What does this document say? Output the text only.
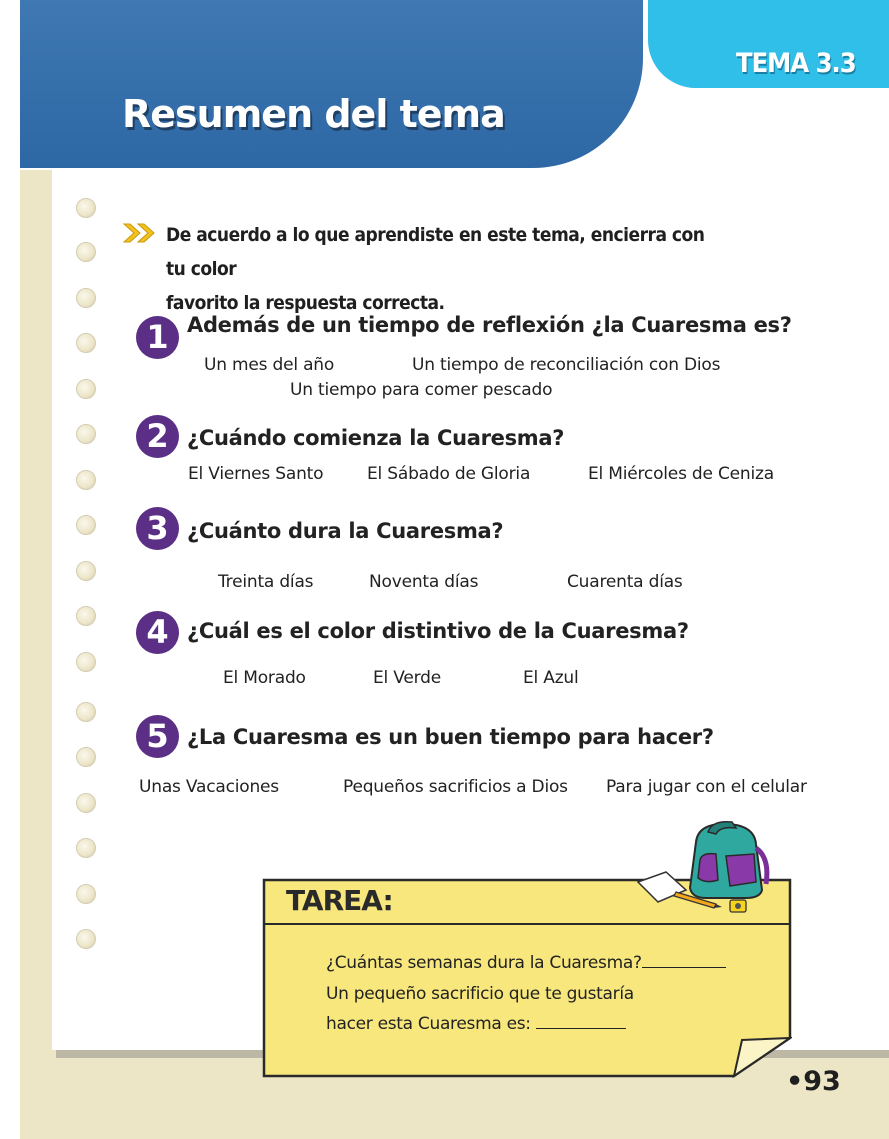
TEMA 3.3
Resumen del tema
De acuerdo a lo que aprendiste en este tema, encierra con tu color
favorito la respuesta correcta.
1 Además de un tiempo de reflexión ¿la Cuaresma es?
Un mes del año	Un tiempo de reconciliación con Dios
Un tiempo para comer pescado
2 ¿Cuándo comienza la Cuaresma?
El Viernes Santo	El Sábado de Gloria	El Miércoles de Ceniza
3 ¿Cuánto dura la Cuaresma?
Treinta días	Noventa días	Cuarenta días
4 ¿Cuál es el color distintivo de la Cuaresma?
El Morado	El Verde	El Azul
5 ¿La Cuaresma es un buen tiempo para hacer?
Unas Vacaciones	Pequeños sacrificios a Dios Para jugar con el celular
TAREA:
¿Cuántas semanas dura la Cuaresma?
Un pequeño sacrificio que te gustaría
hacer esta Cuaresma es:
•93
